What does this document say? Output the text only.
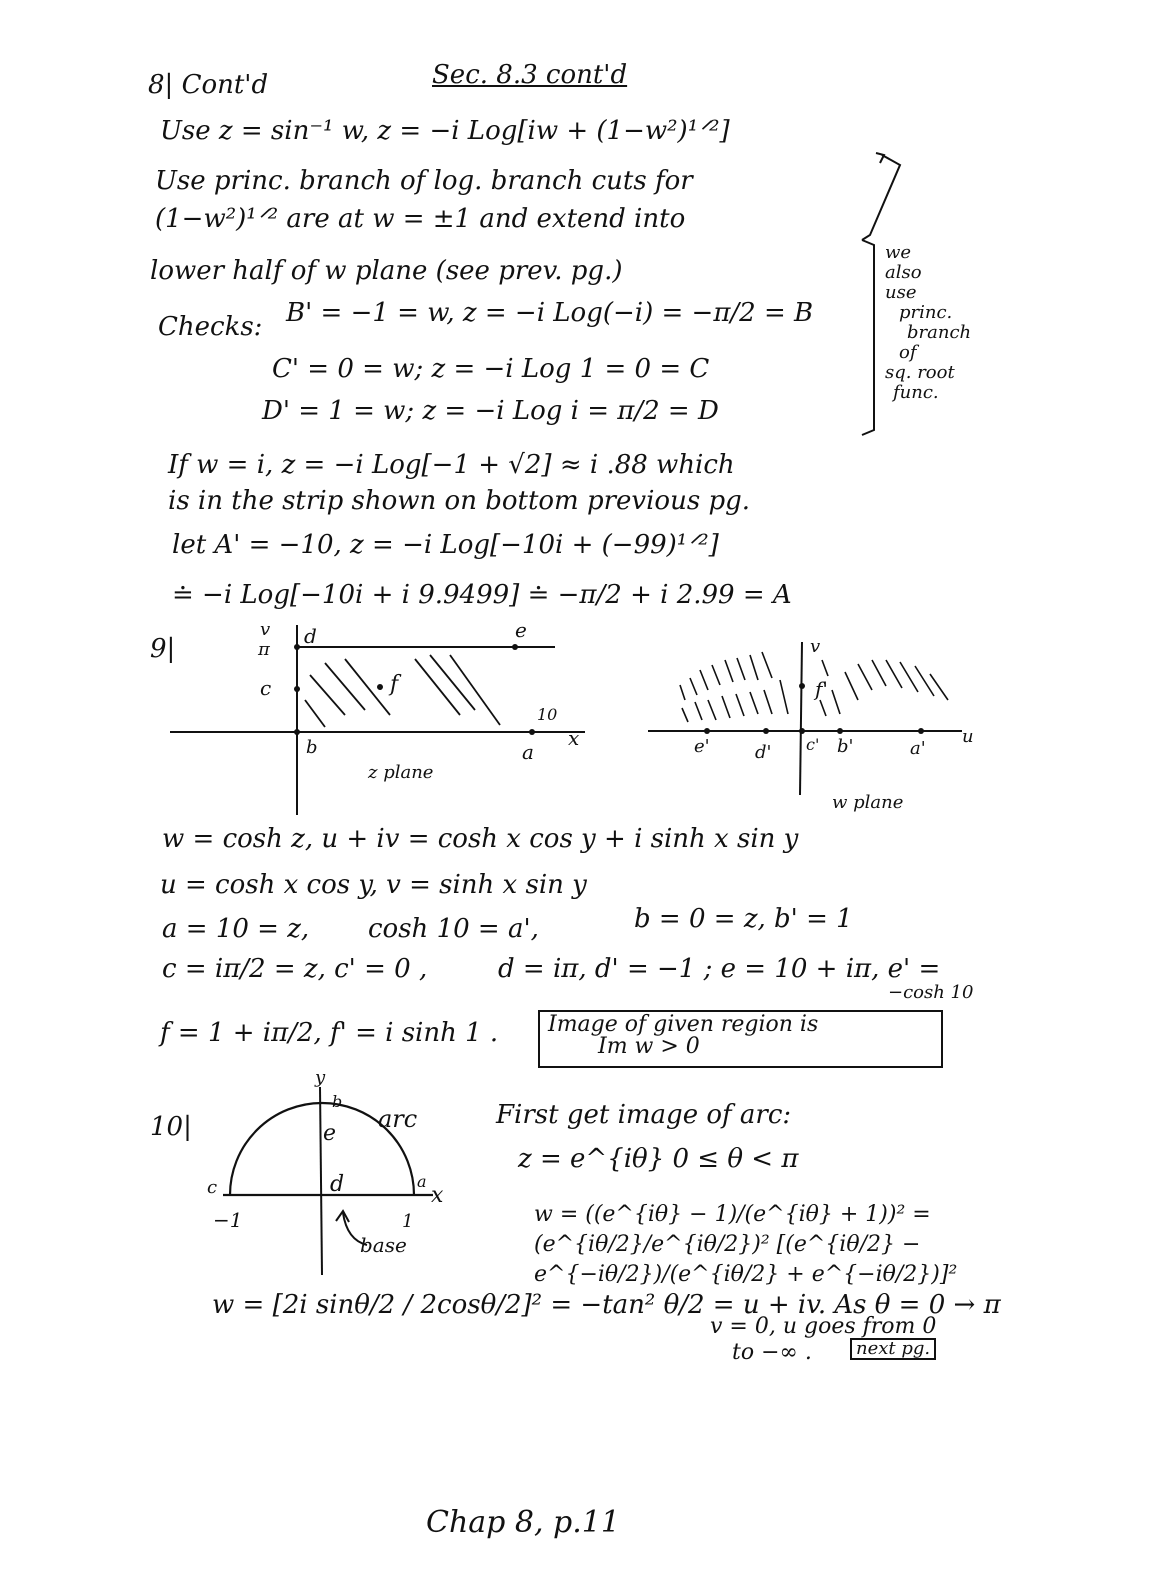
8| Cont'd	Sec. 8.3 cont'd
Use z = sin⁻¹ w, z = −i Log[iw + (1−w²)¹ᐟ²]
Use princ. branch of log. branch cuts for
(1−w²)¹ᐟ² are at w = ±1 and extend into
lower half of w plane (see prev. pg.)
we
also
use
princ.
branch
of
sq. root
func.
Checks: B' = −1 = w, z = −i Log(−i) = −π/2 = B
C' = 0 = w; z = −i Log 1 = 0 = C
D' = 1 = w; z = −i Log i = π/2 = D
If w = i, z = −i Log[−1 + √2] ≈ i .88 which
is in the strip shown on bottom previous pg.
let A' = −10, z = −i Log[−10i + (−99)¹ᐟ²]
≐ −i Log[−10i + i 9.9499] ≐ −π/2 + i 2.99 = A
9|
v
π
c
d	e
f
b	a
10
x
z plane
v
f'
e'	d' c' b'	a'
u
w plane
w = cosh z, u + iv = cosh x cos y + i sinh x sin y
u = cosh x cos y, v = sinh x sin y
a = 10 = z, cosh 10 = a',	b = 0 = z, b' = 1
c = iπ/2 = z, c' = 0 ,	d = iπ, d' = −1 ; e = 10 + iπ, e' =
−cosh 10
f = 1 + iπ/2, f' = i sinh 1 . Image of given region is
Im w > 0
10|
y
b
arc
e
c	d	a
x
−1	1
base
First get image of arc:
z = e^{iθ} 0 ≤ θ < π
w = ((e^{iθ} − 1)/(e^{iθ} + 1))² = (e^{iθ/2}/e^{iθ/2})² [(e^{iθ/2} − e^{−iθ/2})/(e^{iθ/2} + e^{−iθ/2})]²
w = [2i sinθ/2 / 2cosθ/2]² = −tan² θ/2 = u + iv. As θ = 0 → π
v = 0, u goes from 0
to −∞ .	next pg.
Chap 8, p.11
